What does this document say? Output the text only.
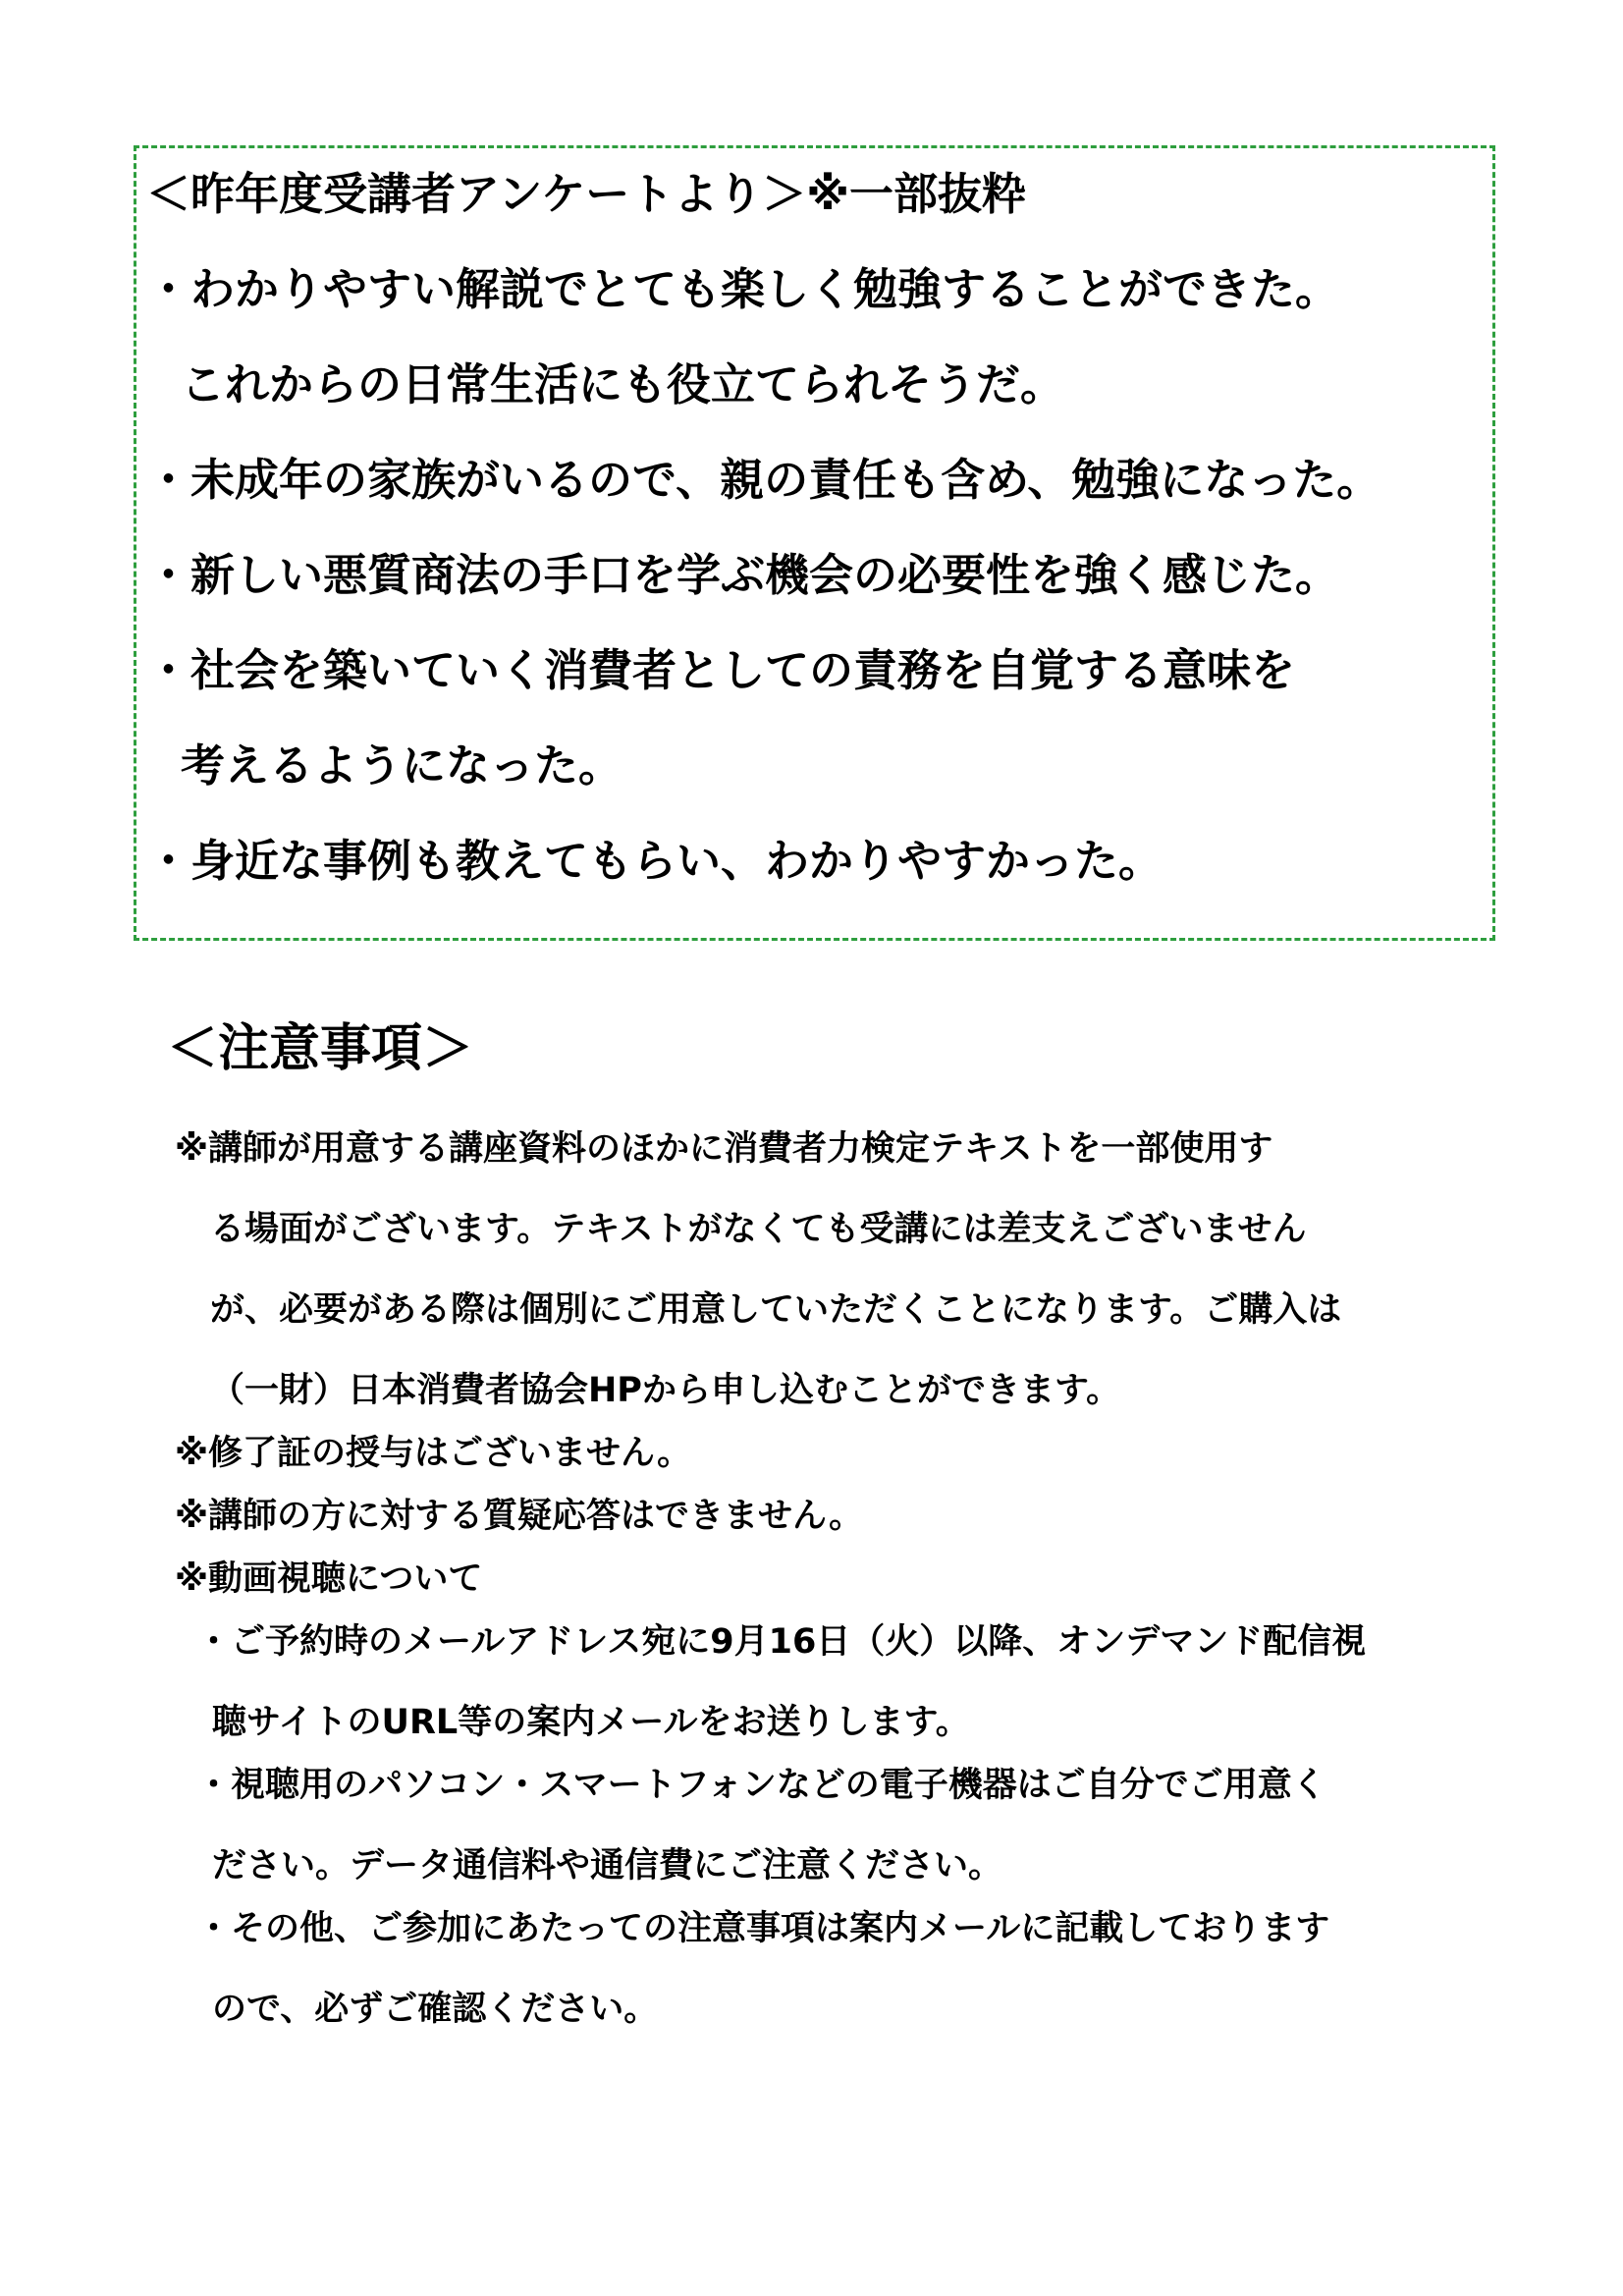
＜昨年度受講者アンケートより＞※一部抜粋
・わかりやすい解説でとても楽しく勉強することができた。
これからの日常生活にも役立てられそうだ。
・未成年の家族がいるので、親の責任も含め、勉強になった。
・新しい悪質商法の手口を学ぶ機会の必要性を強く感じた。
・社会を築いていく消費者としての責務を自覚する意味を
考えるようになった。
・身近な事例も教えてもらい、わかりやすかった。
＜注意事項＞
※講師が用意する講座資料のほかに消費者力検定テキストを一部使用す
る場面がございます。テキストがなくても受講には差支えございません
が、必要がある際は個別にご用意していただくことになります。ご購入は
（一財）日本消費者協会HPから申し込むことができます。
※修了証の授与はございません。
※講師の方に対する質疑応答はできません。
※動画視聴について
・ご予約時のメールアドレス宛に9月16日（火）以降、オンデマンド配信視
聴サイトのURL等の案内メールをお送りします。
・視聴用のパソコン・スマートフォンなどの電子機器はご自分でご用意く
ださい。データ通信料や通信費にご注意ください。
・その他、ご参加にあたっての注意事項は案内メールに記載しております
ので、必ずご確認ください。
